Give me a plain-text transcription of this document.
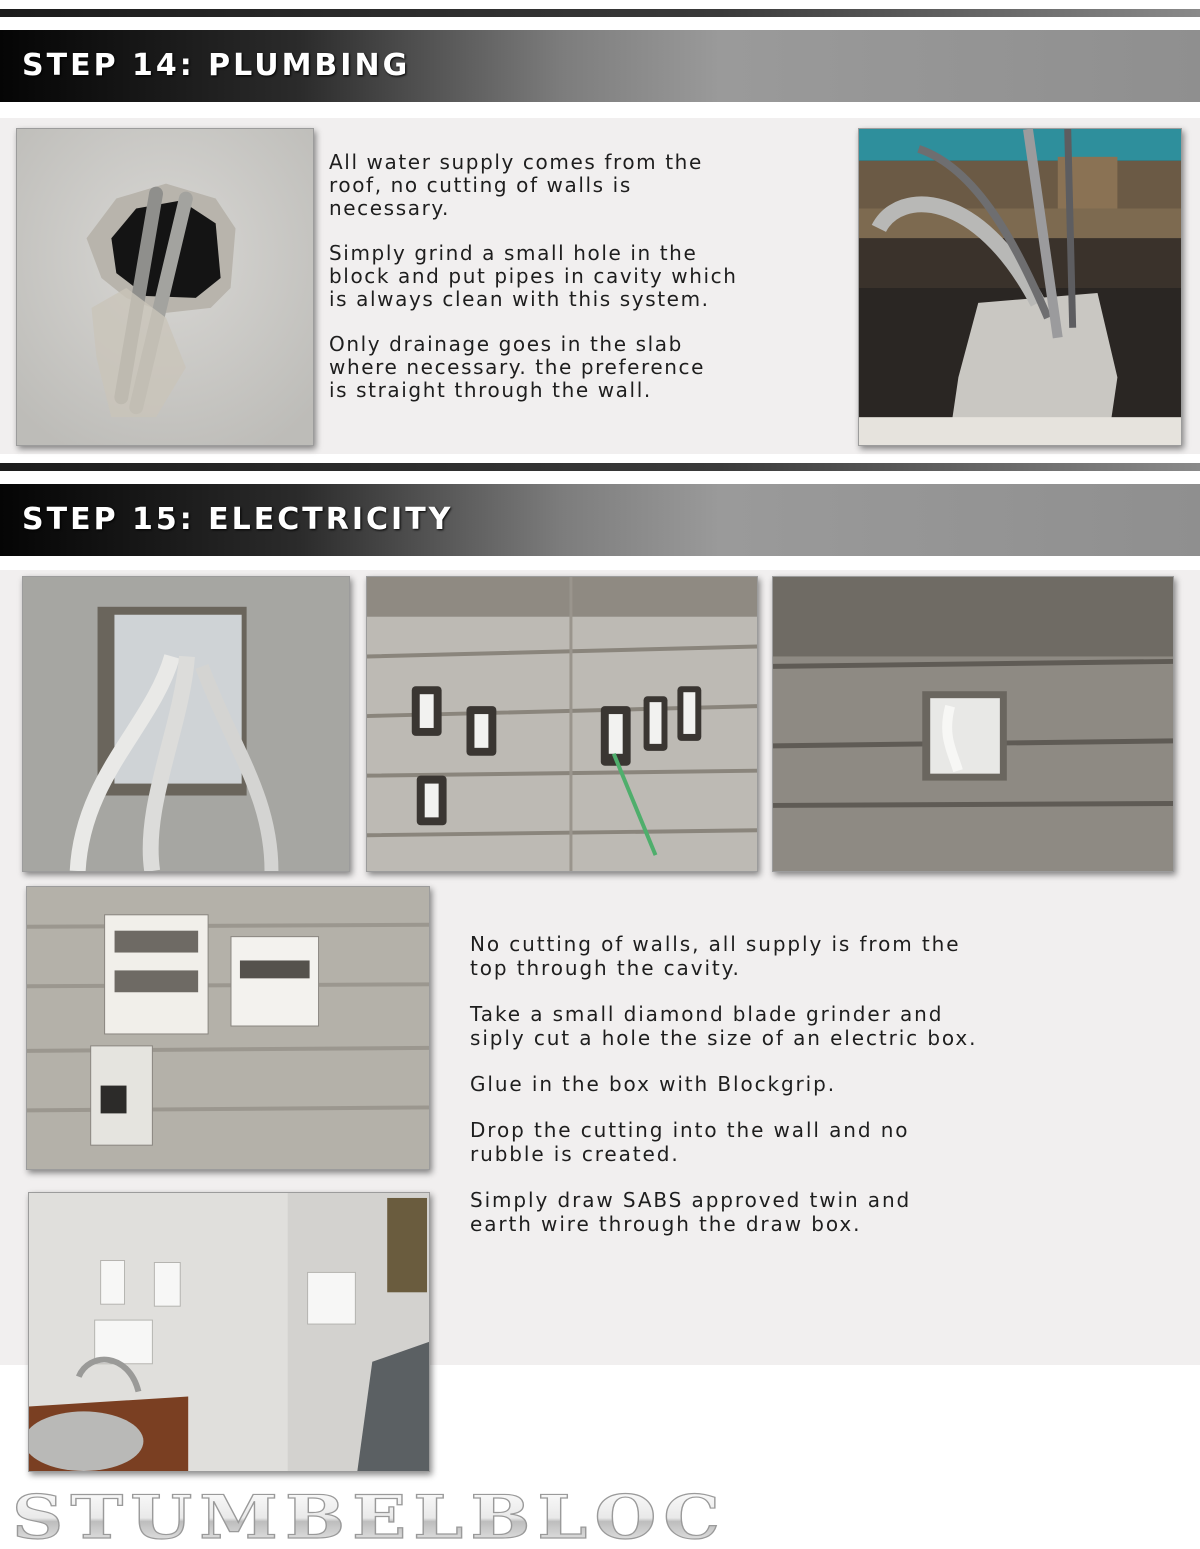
STEP 14: PLUMBING

All water supply comes from the
roof, no cutting of walls is
necessary.

Simply grind a small hole in the
block and put pipes in cavity which
is always clean with this system.

Only drainage goes in the slab
where necessary. the preference
is straight through the wall.

STEP 15: ELECTRICITY

No cutting of walls, all supply is from the
top through the cavity.

Take a small diamond blade grinder and
siply cut a hole the size of an electric box.

Glue in the box with Blockgrip.

Drop the cutting into the wall and no
rubble is created.

Simply draw SABS approved twin and
earth wire through the draw box.

STUMBELBLOC
